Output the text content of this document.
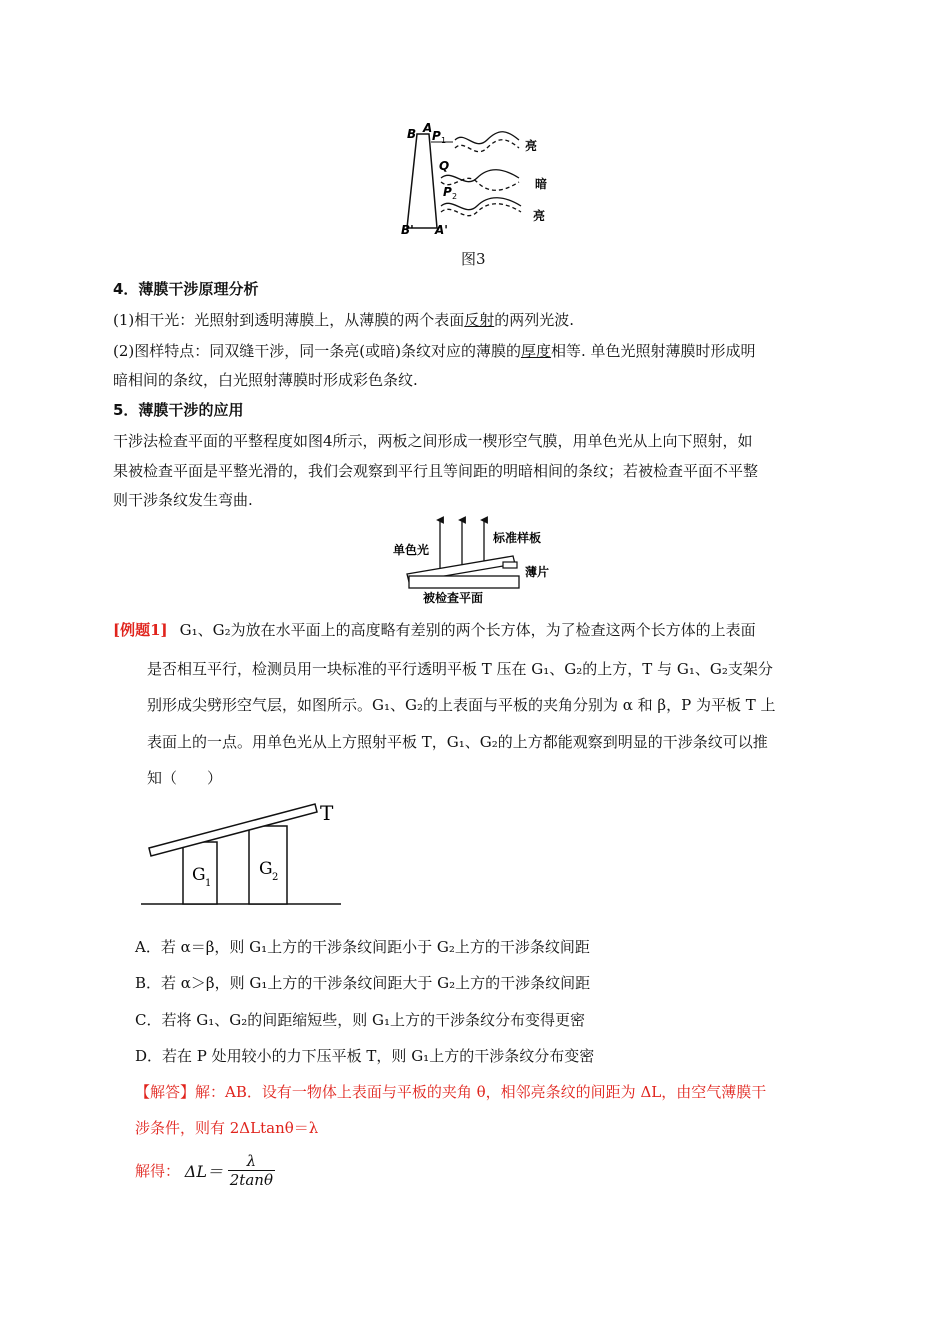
B A
P 1
Q
P 2
B' A'
亮
暗
亮
图3
4．薄膜干涉原理分析
(1)相干光：光照射到透明薄膜上，从薄膜的两个表面反射的两列光波.
(2)图样特点：同双缝干涉，同一条亮(或暗)条纹对应的薄膜的厚度相等. 单色光照射薄膜时形成明
暗相间的条纹，白光照射薄膜时形成彩色条纹.
5．薄膜干涉的应用
干涉法检查平面的平整程度如图4所示，两板之间形成一楔形空气膜，用单色光从上向下照射，如
果被检查平面是平整光滑的，我们会观察到平行且等间距的明暗相间的条纹；若被检查平面不平整
则干涉条纹发生弯曲.
单色光
标准样板
薄片
被检查平面
[例题1] G₁、G₂为放在水平面上的高度略有差别的两个长方体，为了检查这两个长方体的上表面
是否相互平行，检测员用一块标准的平行透明平板 T 压在 G₁、G₂的上方，T 与 G₁、G₂支架分
别形成尖劈形空气层，如图所示。G₁、G₂的上表面与平板的夹角分别为 α 和 β，P 为平板 T 上
表面上的一点。用单色光从上方照射平板 T，G₁、G₂的上方都能观察到明显的干涉条纹可以推
知（　　）
T
G 1
G 2
A．若 α＝β，则 G₁上方的干涉条纹间距小于 G₂上方的干涉条纹间距
B．若 α＞β，则 G₁上方的干涉条纹间距大于 G₂上方的干涉条纹间距
C．若将 G₁、G₂的间距缩短些，则 G₁上方的干涉条纹分布变得更密
D．若在 P 处用较小的力下压平板 T，则 G₁上方的干涉条纹分布变密
【解答】解：AB．设有一物体上表面与平板的夹角 θ，相邻亮条纹的间距为 ΔL，由空气薄膜干
涉条件，则有 2ΔLtanθ＝λ
解得： $\Delta L= \frac{\lambda}{2\tan\theta}$
